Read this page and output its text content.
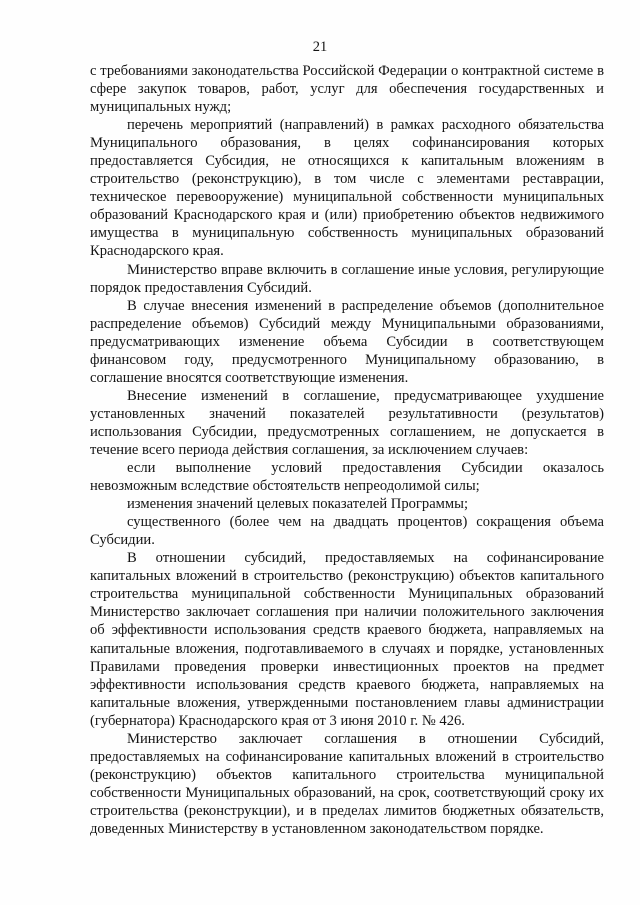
21

с требованиями законодательства Российской Федерации о контрактной системе в сфере закупок товаров, работ, услуг для обеспечения государственных и муниципальных нужд;

перечень мероприятий (направлений) в рамках расходного обязательства Муниципального образования, в целях софинансирования которых предоставляется Субсидия, не относящихся к капитальным вложениям в строительство (реконструкцию), в том числе с элементами реставрации, техническое перевооружение) муниципальной собственности муниципальных образований Краснодарского края и (или) приобретению объектов недвижимого имущества в муниципальную собственность муниципальных образований Краснодарского края.

Министерство вправе включить в соглашение иные условия, регулирующие порядок предоставления Субсидий.

В случае внесения изменений в распределение объемов (дополнительное распределение объемов) Субсидий между Муниципальными образованиями, предусматривающих изменение объема Субсидии в соответствующем финансовом году, предусмотренного Муниципальному образованию, в соглашение вносятся соответствующие изменения.

Внесение изменений в соглашение, предусматривающее ухудшение установленных значений показателей результативности (результатов) использования Субсидии, предусмотренных соглашением, не допускается в течение всего периода действия соглашения, за исключением случаев:

если выполнение условий предоставления Субсидии оказалось невозможным вследствие обстоятельств непреодолимой силы;

изменения значений целевых показателей Программы;

существенного (более чем на двадцать процентов) сокращения объема Субсидии.

В отношении субсидий, предоставляемых на софинансирование капитальных вложений в строительство (реконструкцию) объектов капитального строительства муниципальной собственности Муниципальных образований Министерство заключает соглашения при наличии положительного заключения об эффективности использования средств краевого бюджета, направляемых на капитальные вложения, подготавливаемого в случаях и порядке, установленных Правилами проведения проверки инвестиционных проектов на предмет эффективности использования средств краевого бюджета, направляемых на капитальные вложения, утвержденными постановлением главы администрации (губернатора) Краснодарского края от 3 июня 2010 г. № 426.

Министерство заключает соглашения в отношении Субсидий, предоставляемых на софинансирование капитальных вложений в строительство (реконструкцию) объектов капитального строительства муниципальной собственности Муниципальных образований, на срок, соответствующий сроку их строительства (реконструкции), и в пределах лимитов бюджетных обязательств, доведенных Министерству в установленном законодательством порядке.
